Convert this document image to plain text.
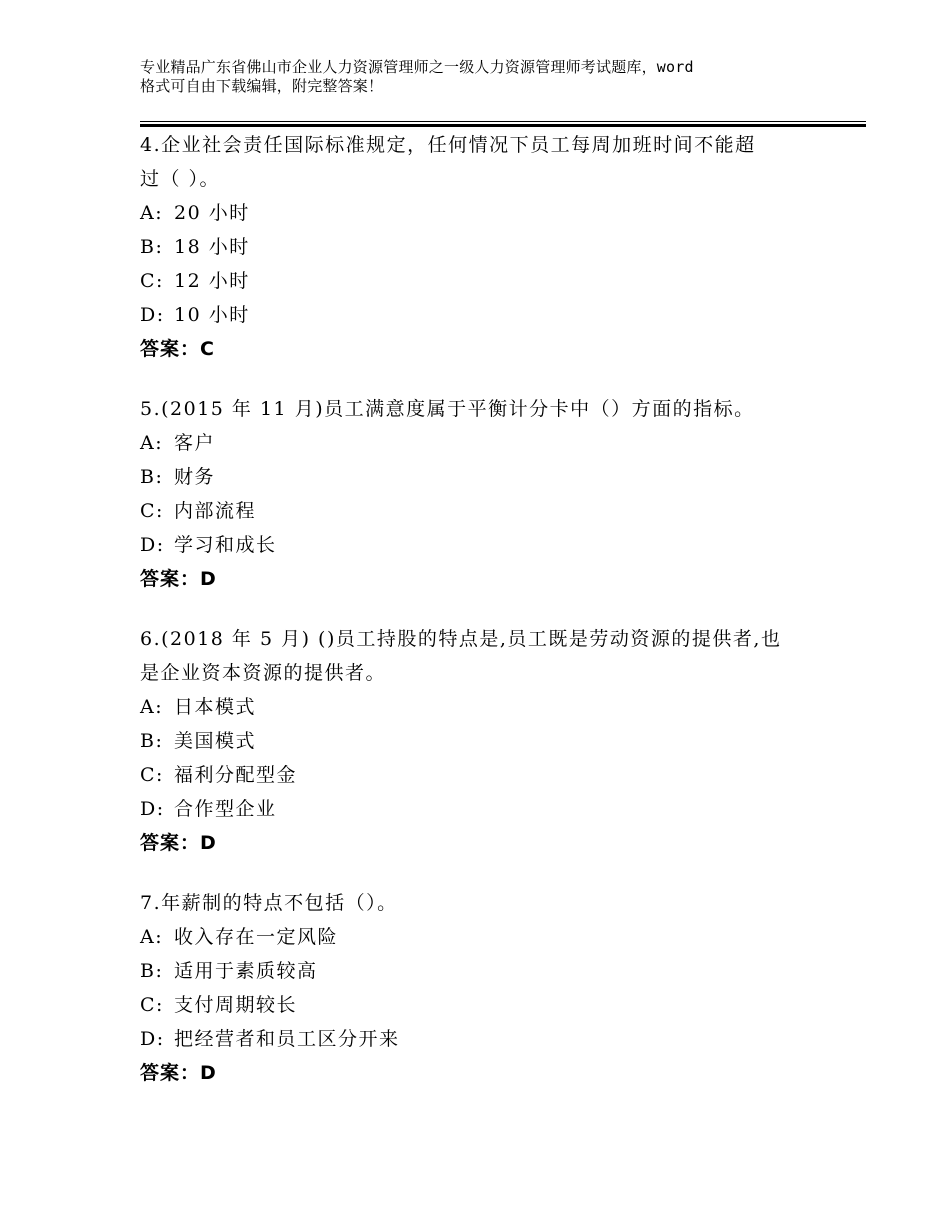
专业精品广东省佛山市企业人力资源管理师之一级人力资源管理师考试题库，word
格式可自由下载编辑，附完整答案！
4.企业社会责任国际标准规定，任何情况下员工每周加班时间不能超
过（ ）。
A: 20 小时
B: 18 小时
C: 12 小时
D: 10 小时
答案：C
5.(2015 年 11 月)员工满意度属于平衡计分卡中（）方面的指标。
A: 客户
B: 财务
C: 内部流程
D: 学习和成长
答案：D
6.(2018 年 5 月) ()员工持股的特点是,员工既是劳动资源的提供者,也
是企业资本资源的提供者。
A: 日本模式
B: 美国模式
C: 福利分配型金
D: 合作型企业
答案：D
7.年薪制的特点不包括（）。
A: 收入存在一定风险
B: 适用于素质较高
C: 支付周期较长
D: 把经营者和员工区分开来
答案：D
